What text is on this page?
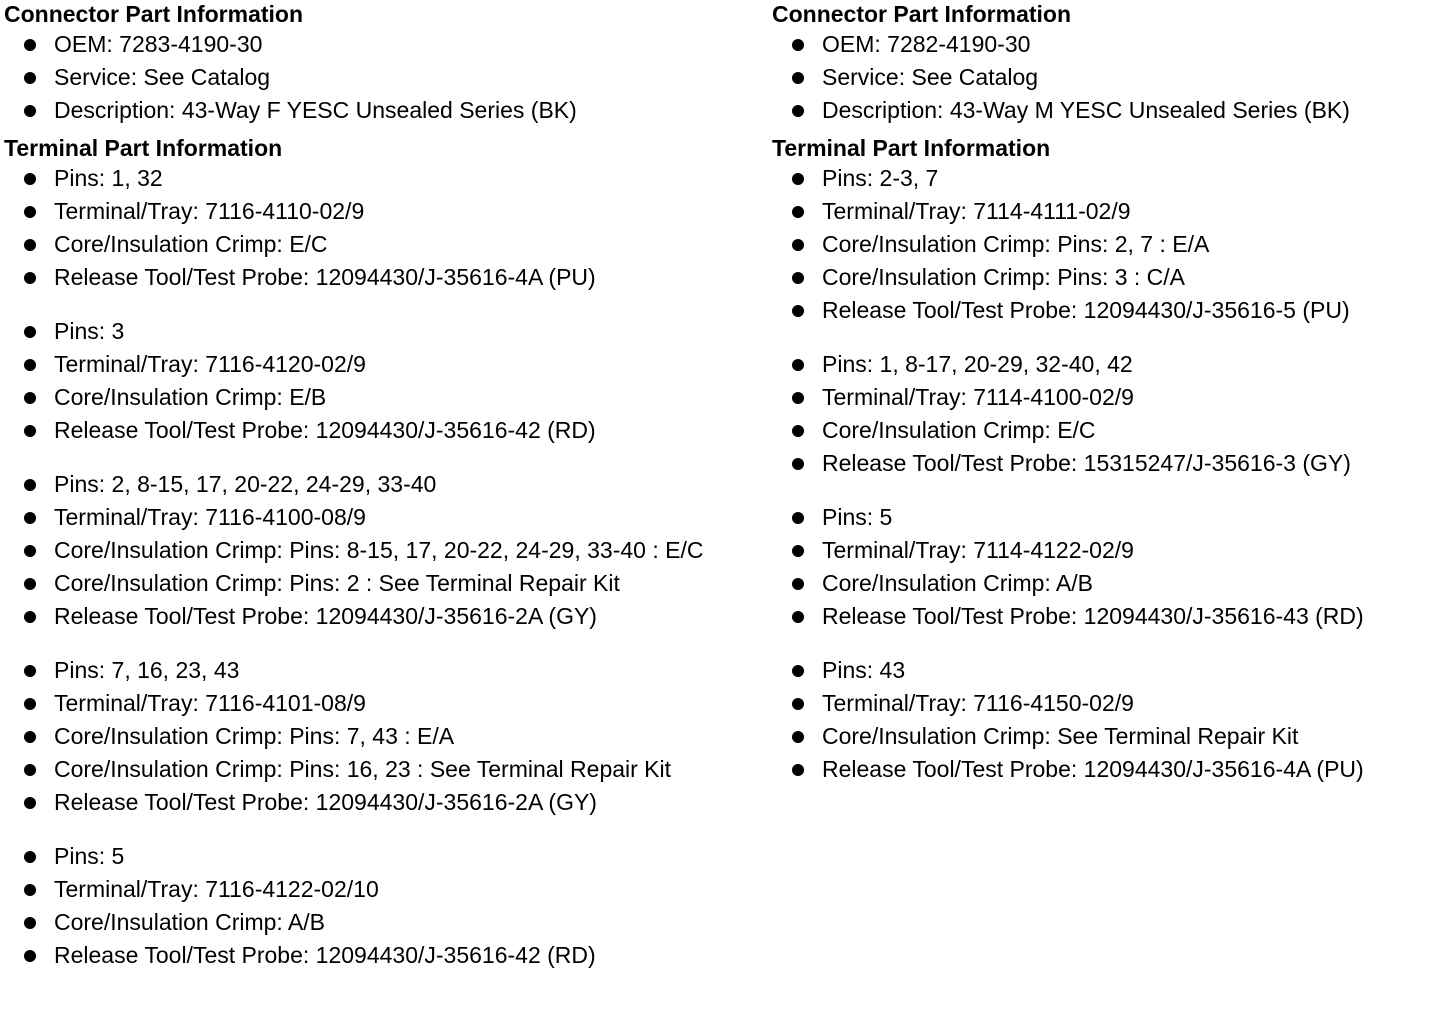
Connector Part Information
OEM: 7283-4190-30
Service: See Catalog
Description: 43-Way F YESC Unsealed Series (BK)
Terminal Part Information
Pins: 1, 32
Terminal/Tray: 7116-4110-02/9
Core/Insulation Crimp: E/C
Release Tool/Test Probe: 12094430/J-35616-4A (PU)
Pins: 3
Terminal/Tray: 7116-4120-02/9
Core/Insulation Crimp: E/B
Release Tool/Test Probe: 12094430/J-35616-42 (RD)
Pins: 2, 8-15, 17, 20-22, 24-29, 33-40
Terminal/Tray: 7116-4100-08/9
Core/Insulation Crimp: Pins: 8-15, 17, 20-22, 24-29, 33-40 : E/C
Core/Insulation Crimp: Pins: 2 : See Terminal Repair Kit
Release Tool/Test Probe: 12094430/J-35616-2A (GY)
Pins: 7, 16, 23, 43
Terminal/Tray: 7116-4101-08/9
Core/Insulation Crimp: Pins: 7, 43 : E/A
Core/Insulation Crimp: Pins: 16, 23 : See Terminal Repair Kit
Release Tool/Test Probe: 12094430/J-35616-2A (GY)
Pins: 5
Terminal/Tray: 7116-4122-02/10
Core/Insulation Crimp: A/B
Release Tool/Test Probe: 12094430/J-35616-42 (RD)
Connector Part Information
OEM: 7282-4190-30
Service: See Catalog
Description: 43-Way M YESC Unsealed Series (BK)
Terminal Part Information
Pins: 2-3, 7
Terminal/Tray: 7114-4111-02/9
Core/Insulation Crimp: Pins: 2, 7 : E/A
Core/Insulation Crimp: Pins: 3 : C/A
Release Tool/Test Probe: 12094430/J-35616-5 (PU)
Pins: 1, 8-17, 20-29, 32-40, 42
Terminal/Tray: 7114-4100-02/9
Core/Insulation Crimp: E/C
Release Tool/Test Probe: 15315247/J-35616-3 (GY)
Pins: 5
Terminal/Tray: 7114-4122-02/9
Core/Insulation Crimp: A/B
Release Tool/Test Probe: 12094430/J-35616-43 (RD)
Pins: 43
Terminal/Tray: 7116-4150-02/9
Core/Insulation Crimp: See Terminal Repair Kit
Release Tool/Test Probe: 12094430/J-35616-4A (PU)
